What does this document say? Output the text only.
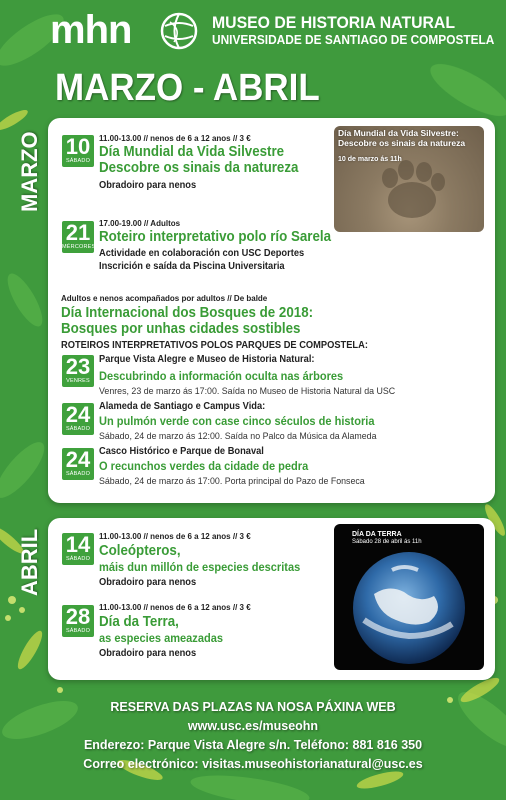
mhn	MUSEO DE HISTORIA NATURAL
UNIVERSIDADE DE SANTIAGO DE COMPOSTELA
MARZO - ABRIL
MARZO 10
SÁBADO
11.00-13.00 // nenos de 6 a 12 anos // 3 €
Día Mundial da Vida Silvestre
Descobre os sinais da natureza
Obradoiro para nenos
Día Mundial da Vida Silvestre:
Descobre os sinais da natureza
10 de marzo ás 11h
21
MÉRCORES
17.00-19.00 // Adultos
Roteiro interpretativo polo río Sarela
Actividade en colaboración con USC Deportes
Inscrición e saída da Piscina Universitaria
Adultos e nenos acompañados por adultos // De balde
Día Internacional dos Bosques de 2018:
Bosques por unhas cidades sostibles
ROTEIROS INTERPRETATIVOS POLOS PARQUES DE COMPOSTELA:
23
VENRES
Parque Vista Alegre e Museo de Historia Natural:
Descubrindo a información oculta nas árbores
Venres, 23 de marzo ás 17:00. Saída no Museo de Historia Natural da USC
24
SÁBADO
Alameda de Santiago e Campus Vida:
Un pulmón verde con case cinco séculos de historia
Sábado, 24 de marzo ás 12:00. Saída no Palco da Música da Alameda
24
SÁBADO
Casco Histórico e Parque de Bonaval
O recunchos verdes da cidade de pedra
Sábado, 24 de marzo ás 17:00. Porta principal do Pazo de Fonseca
ABRIL 14
SÁBADO
11.00-13.00 // nenos de 6 a 12 anos // 3 €
Coleópteros,
máis dun millón de especies descritas
Obradoiro para nenos
28
SÁBADO
11.00-13.00 // nenos de 6 a 12 anos // 3 €
Día da Terra,
as especies ameazadas
Obradoiro para nenos
DÍA DA TERRA
Sábado 28 de abril ás 11h
RESERVA DAS PLAZAS NA NOSA PÁXINA WEB
www.usc.es/museohn
Enderezo: Parque Vista Alegre s/n. Teléfono: 881 816 350
Correo electrónico: visitas.museohistorianatural@usc.es
